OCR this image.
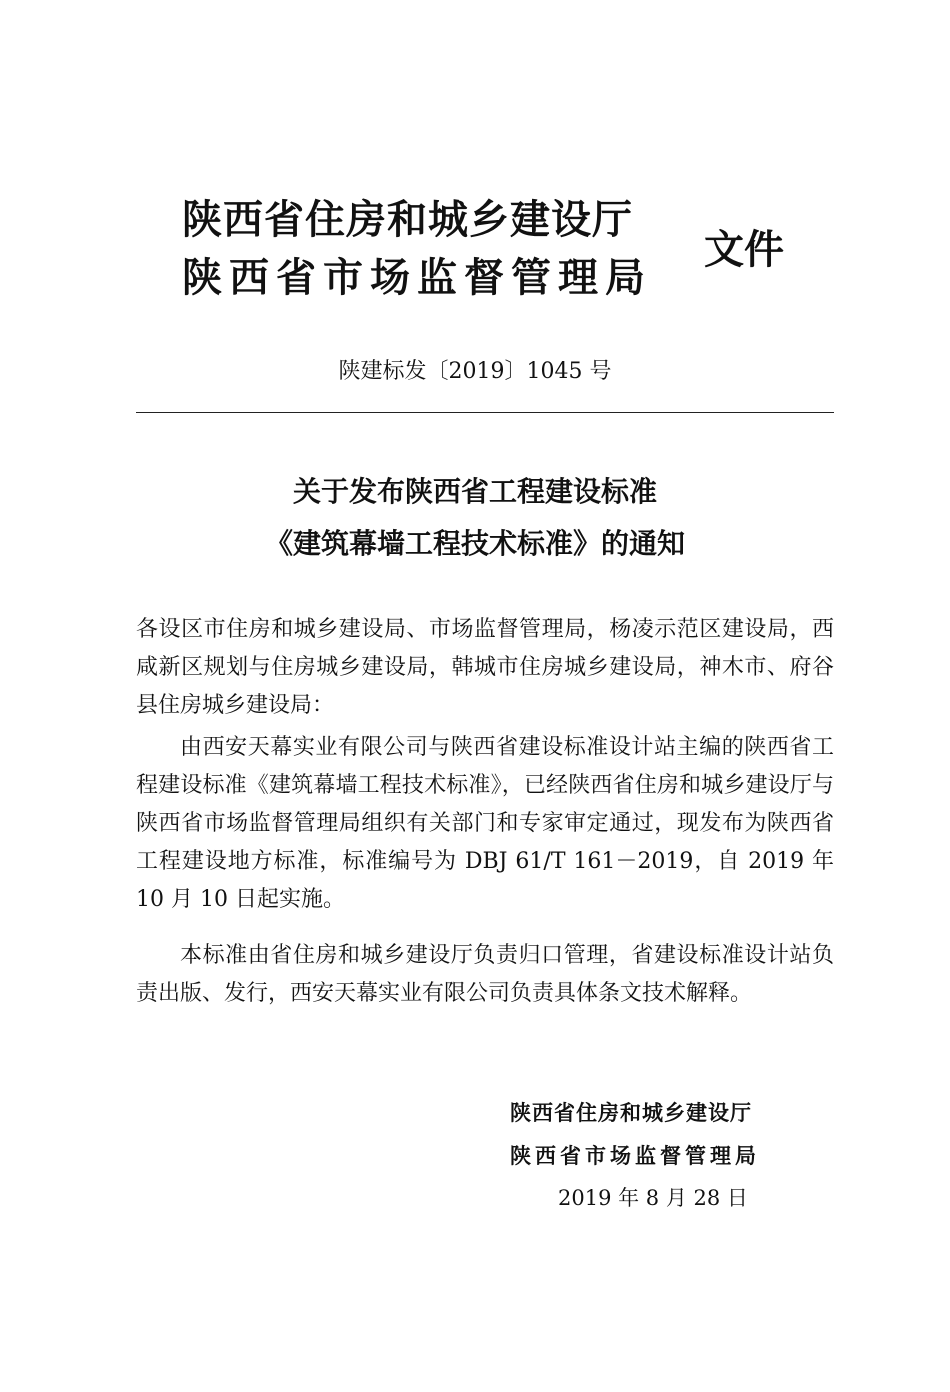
陕西省住房和城乡建设厅
陕西省市场监督管理局
文件
陕建标发〔2019〕1045 号
关于发布陕西省工程建设标准
《建筑幕墙工程技术标准》的通知
各设区市住房和城乡建设局、市场监督管理局，杨凌示范区建设局，西咸新区规划与住房城乡建设局，韩城市住房城乡建设局，神木市、府谷县住房城乡建设局：
由西安天幕实业有限公司与陕西省建设标准设计站主编的陕西省工程建设标准《建筑幕墙工程技术标准》，已经陕西省住房和城乡建设厅与陕西省市场监督管理局组织有关部门和专家审定通过，现发布为陕西省工程建设地方标准，标准编号为 DBJ 61/T 161－2019，自 2019 年 10 月 10 日起实施。
本标准由省住房和城乡建设厅负责归口管理，省建设标准设计站负责出版、发行，西安天幕实业有限公司负责具体条文技术解释。
陕西省住房和城乡建设厅
陕西省市场监督管理局
2019 年 8 月 28 日
